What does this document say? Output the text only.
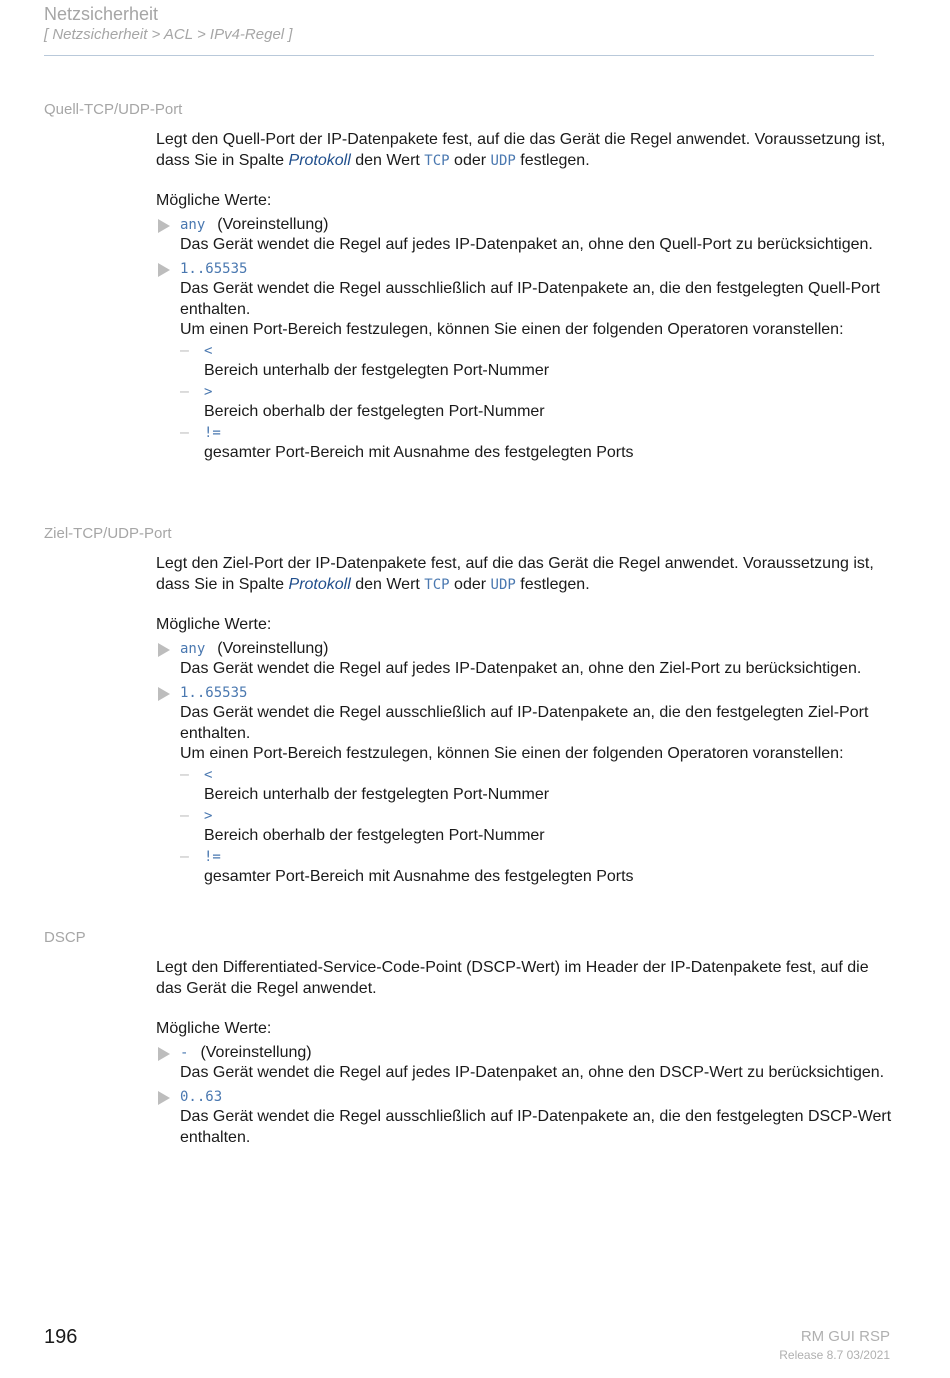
Netzsicherheit
[ Netzsicherheit > ACL > IPv4-Regel ]
Quell-TCP/UDP-Port

Legt den Quell-Port der IP-Datenpakete fest, auf die das Gerät die Regel anwendet. Voraussetzung ist, dass Sie in Spalte Protokoll den Wert TCP oder UDP festlegen.

Mögliche Werte:

any (Voreinstellung)
Das Gerät wendet die Regel auf jedes IP-Datenpaket an, ohne den Quell-Port zu berücksichtigen.
1..65535
Das Gerät wendet die Regel ausschließlich auf IP-Datenpakete an, die den festgelegten Quell-Port enthalten.
Um einen Port-Bereich festzulegen, können Sie einen der folgenden Operatoren voranstellen:
– <
Bereich unterhalb der festgelegten Port-Nummer
– >
Bereich oberhalb der festgelegten Port-Nummer
– !=
gesamter Port-Bereich mit Ausnahme des festgelegten Ports
Ziel-TCP/UDP-Port

Legt den Ziel-Port der IP-Datenpakete fest, auf die das Gerät die Regel anwendet. Voraussetzung ist, dass Sie in Spalte Protokoll den Wert TCP oder UDP festlegen.

Mögliche Werte:

any (Voreinstellung)
Das Gerät wendet die Regel auf jedes IP-Datenpaket an, ohne den Ziel-Port zu berücksichtigen.
1..65535
Das Gerät wendet die Regel ausschließlich auf IP-Datenpakete an, die den festgelegten Ziel-Port enthalten.
Um einen Port-Bereich festzulegen, können Sie einen der folgenden Operatoren voranstellen:
– <
Bereich unterhalb der festgelegten Port-Nummer
– >
Bereich oberhalb der festgelegten Port-Nummer
– !=
gesamter Port-Bereich mit Ausnahme des festgelegten Ports
DSCP

Legt den Differentiated-Service-Code-Point (DSCP-Wert) im Header der IP-Datenpakete fest, auf die das Gerät die Regel anwendet.

Mögliche Werte:

- (Voreinstellung)
Das Gerät wendet die Regel auf jedes IP-Datenpaket an, ohne den DSCP-Wert zu berücksichtigen.
0..63
Das Gerät wendet die Regel ausschließlich auf IP-Datenpakete an, die den festgelegten DSCP-Wert enthalten.
196	RM GUI RSP
Release 8.7 03/2021
